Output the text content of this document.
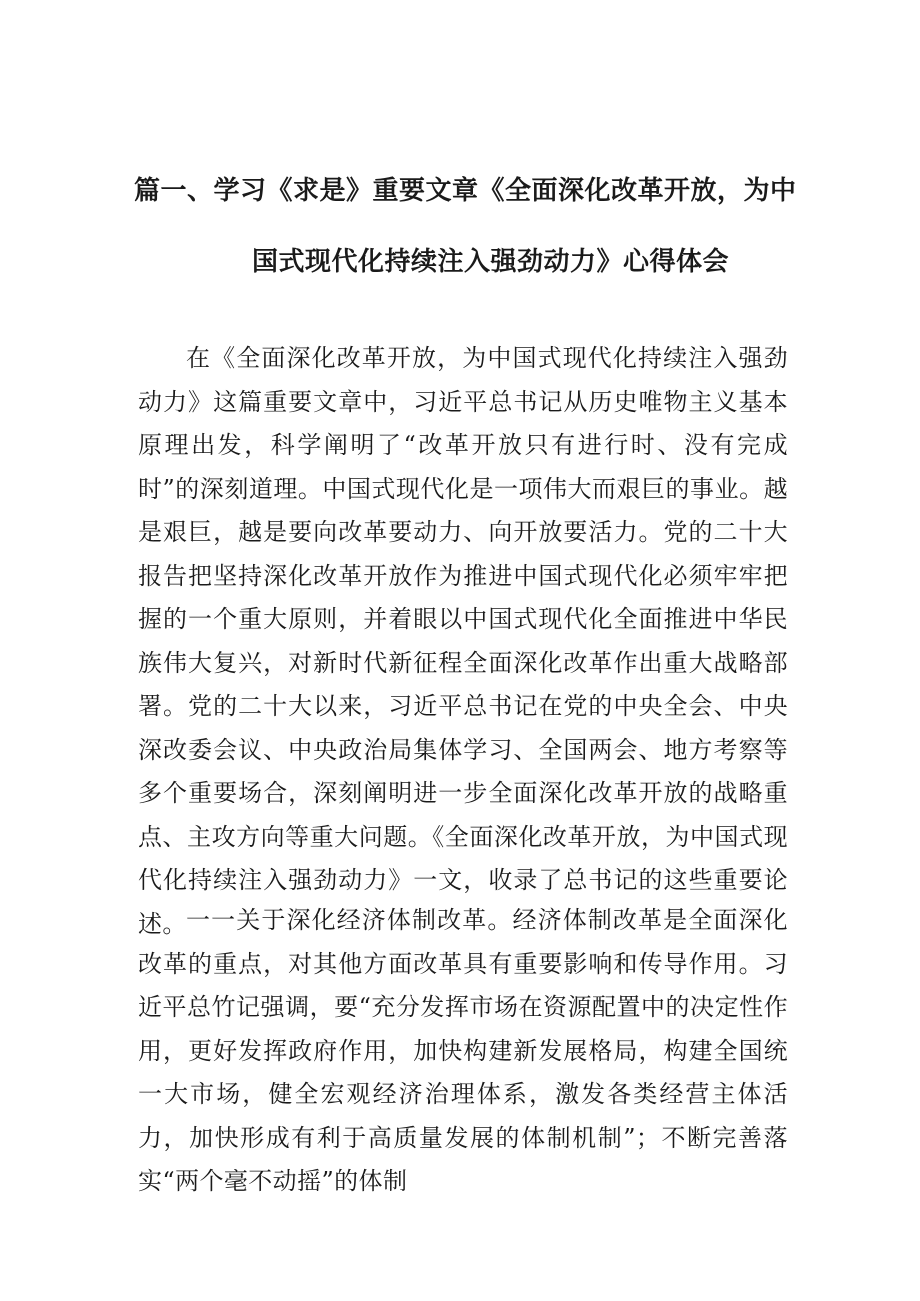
篇一、学习《求是》重要文章《全面深化改革开放，为中
国式现代化持续注入强劲动力》心得体会

在《全面深化改革开放，为中国式现代化持续注入强劲动力》这篇重要文章中，习近平总书记从历史唯物主义基本原理出发，科学阐明了“改革开放只有进行时、没有完成时”的深刻道理。中国式现代化是一项伟大而艰巨的事业。越是艰巨，越是要向改革要动力、向开放要活力。党的二十大报告把坚持深化改革开放作为推进中国式现代化必须牢牢把握的一个重大原则，并着眼以中国式现代化全面推进中华民族伟大复兴，对新时代新征程全面深化改革作出重大战略部署。党的二十大以来，习近平总书记在党的中央全会、中央深改委会议、中央政治局集体学习、全国两会、地方考察等多个重要场合，深刻阐明进一步全面深化改革开放的战略重点、主攻方向等重大问题。《全面深化改革开放，为中国式现代化持续注入强劲动力》一文，收录了总书记的这些重要论述。 一一关于深化经济体制改革。经济体制改革是全面深化改革的重点，对其他方面改革具有重要影响和传导作用。习近平总竹记强调，要“充分发挥市场在资源配置中的决定性作用，更好发挥政府作用，加快构建新发展格局，构建全国统一大市场，健全宏观经济治理体系，激发各类经营主体活力，加快形成有利于高质量发展的体制机制”；不断完善落实“两个毫不动摇”的体制
